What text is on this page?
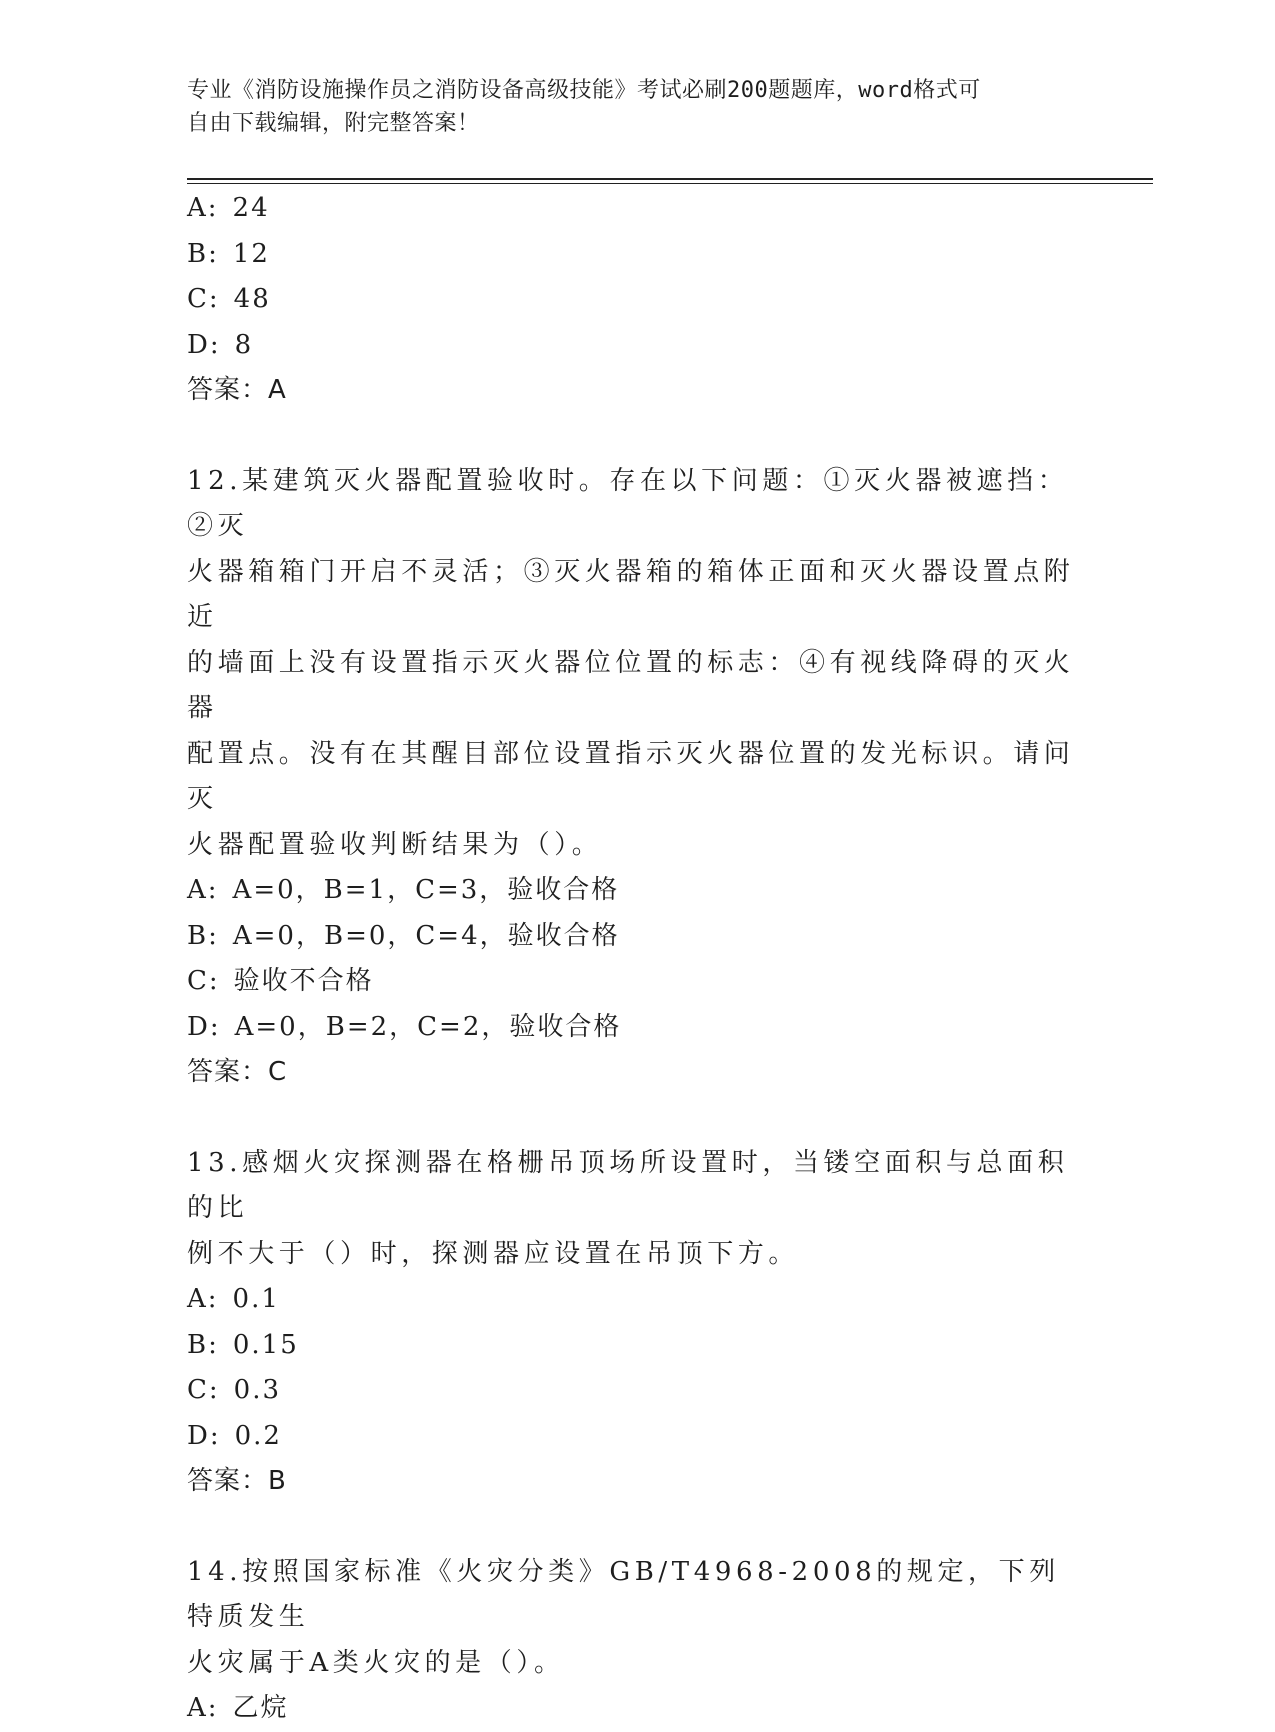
专业《消防设施操作员之消防设备高级技能》考试必刷200题题库，word格式可
自由下载编辑，附完整答案！
A: 24
B: 12
C: 48
D: 8
答案：A
12.某建筑灭火器配置验收时。存在以下问题：①灭火器被遮挡：②灭
火器箱箱门开启不灵活；③灭火器箱的箱体正面和灭火器设置点附近
的墙面上没有设置指示灭火器位位置的标志：④有视线降碍的灭火器
配置点。没有在其醒目部位设置指示灭火器位置的发光标识。请问灭
火器配置验收判断结果为（）。
A: A=0，B=1，C=3，验收合格
B: A=0，B=0，C=4，验收合格
C: 验收不合格
D: A=0，B=2，C=2，验收合格
答案：C
13.感烟火灾探测器在格栅吊顶场所设置时，当镂空面积与总面积的比
例不大于（）时，探测器应设置在吊顶下方。
A: 0.1
B: 0.15
C: 0.3
D: 0.2
答案：B
14.按照国家标准《火灾分类》GB/T4968-2008的规定，下列特质发生
火灾属于A类火灾的是（）。
A: 乙烷
